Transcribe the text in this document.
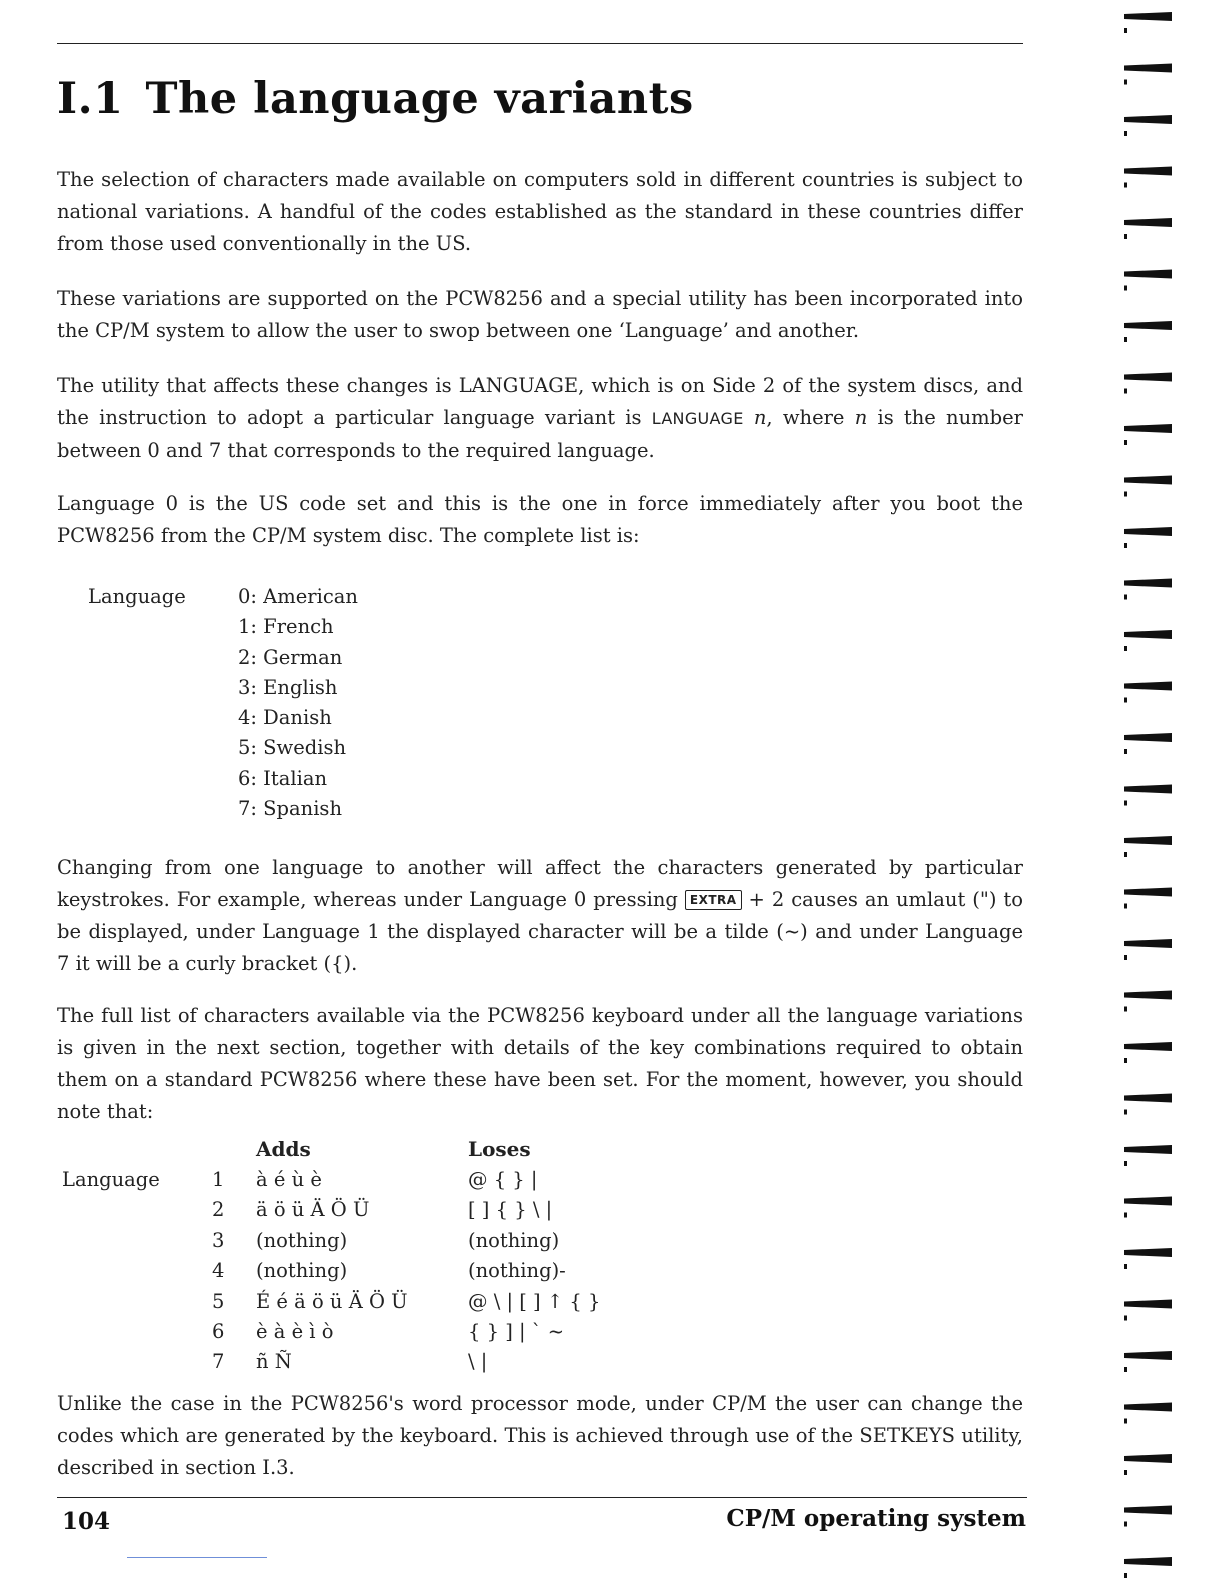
I.1 The language variants

The selection of characters made available on computers sold in different countries is subject to national variations. A handful of the codes established as the standard in these countries differ from those used conventionally in the US.

These variations are supported on the PCW8256 and a special utility has been incorporated into the CP/M system to allow the user to swop between one ‘Language’ and another.

The utility that affects these changes is LANGUAGE, which is on Side 2 of the system discs, and the instruction to adopt a particular language variant is LANGUAGE n, where n is the number between 0 and 7 that corresponds to the required language.

Language 0 is the US code set and this is the one in force immediately after you boot the PCW8256 from the CP/M system disc. The complete list is:

Language	0: American
1: French
2: German
3: English
4: Danish
5: Swedish
6: Italian
7: Spanish

Changing from one language to another will affect the characters generated by particular keystrokes. For example, whereas under Language 0 pressing EXTRA + 2 causes an umlaut (") to be displayed, under Language 1 the displayed character will be a tilde (~) and under Language 7 it will be a curly bracket ({).

The full list of characters available via the PCW8256 keyboard under all the language variations is given in the next section, together with details of the key combinations required to obtain them on a standard PCW8256 where these have been set. For the moment, however, you should note that:

		Adds	Loses
Language	1	à é ù è	@ { } |
	2	ä ö ü Ä Ö Ü	[ ] { } \ |
	3	(nothing)	(nothing)
	4	(nothing)	(nothing)-
	5	É é ä ö ü Ä Ö Ü	@ \ | [ ] ↑ { }
	6	è à è ì ò	{ } ] | ` ~
	7	ñ Ñ	\ |

Unlike the case in the PCW8256's word processor mode, under CP/M the user can change the codes which are generated by the keyboard. This is achieved through use of the SETKEYS utility, described in section I.3.

104	CP/M operating system
